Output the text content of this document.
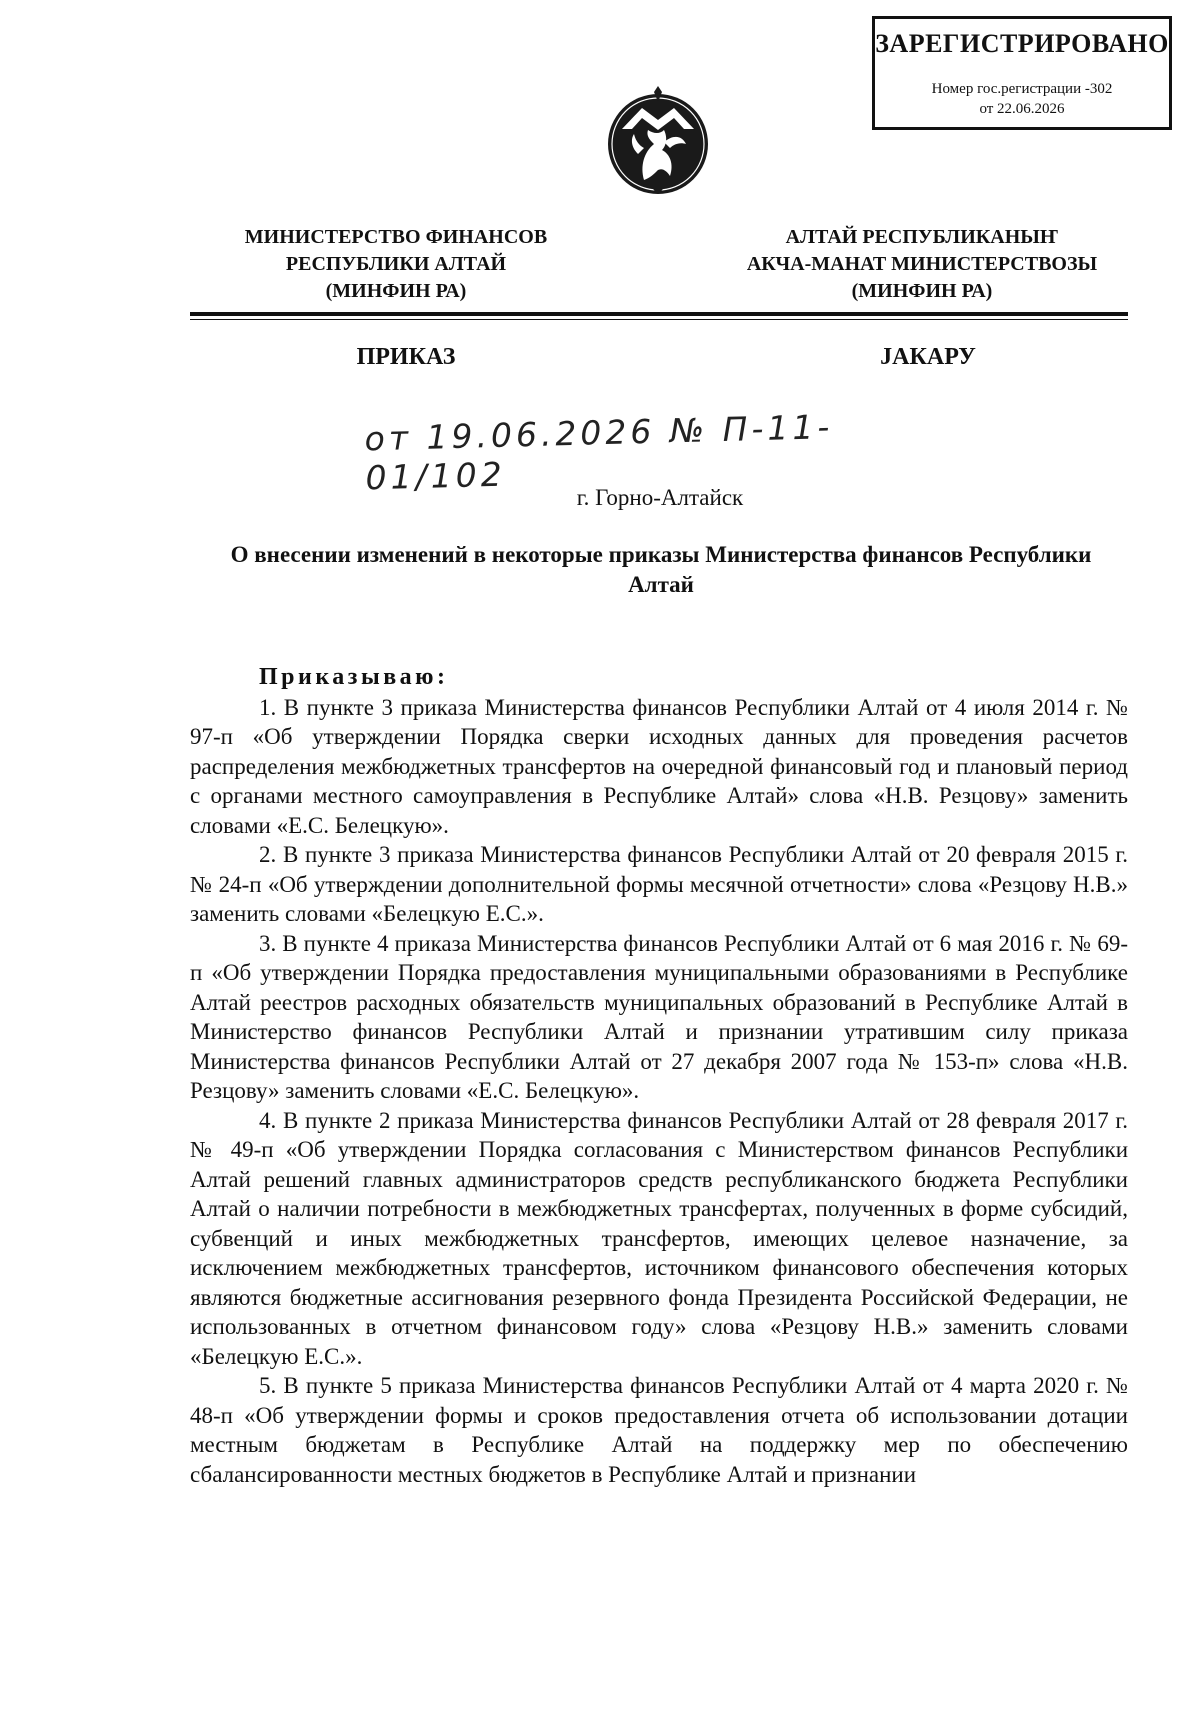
ЗАРЕГИСТРИРОВАНО
Номер гос.регистрации -302
от 22.06.2026
МИНИСТЕРСТВО ФИНАНСОВ
РЕСПУБЛИКИ АЛТАЙ
(МИНФИН РА)
АЛТАЙ РЕСПУБЛИКАНЫҤ
АКЧА-МАНАТ МИНИСТЕРСТВОЗЫ
(МИНФИН РА)
ПРИКАЗ	JАКАРУ
от 19.06.2026 № П-11-01/102
г. Горно-Алтайск
О внесении изменений в некоторые приказы Министерства финансов Республики Алтай
Приказываю:

1. В пункте 3 приказа Министерства финансов Республики Алтай от 4 июля 2014 г. № 97-п «Об утверждении Порядка сверки исходных данных для проведения расчетов распределения межбюджетных трансфертов на очередной финансовый год и плановый период с органами местного самоуправления в Республике Алтай» слова «Н.В. Резцову» заменить словами «Е.С. Белецкую».

2. В пункте 3 приказа Министерства финансов Республики Алтай от 20 февраля 2015 г. № 24-п «Об утверждении дополнительной формы месячной отчетности» слова «Резцову Н.В.» заменить словами «Белецкую Е.С.».

3. В пункте 4 приказа Министерства финансов Республики Алтай от 6 мая 2016 г. № 69-п «Об утверждении Порядка предоставления муниципальными образованиями в Республике Алтай реестров расходных обязательств муниципальных образований в Республике Алтай в Министерство финансов Республики Алтай и признании утратившим силу приказа Министерства финансов Республики Алтай от 27 декабря 2007 года № 153-п» слова «Н.В. Резцову» заменить словами «Е.С. Белецкую».

4. В пункте 2 приказа Министерства финансов Республики Алтай от 28 февраля 2017 г. № 49-п «Об утверждении Порядка согласования с Министерством финансов Республики Алтай решений главных администраторов средств республиканского бюджета Республики Алтай о наличии потребности в межбюджетных трансфертах, полученных в форме субсидий, субвенций и иных межбюджетных трансфертов, имеющих целевое назначение, за исключением межбюджетных трансфертов, источником финансового обеспечения которых являются бюджетные ассигнования резервного фонда Президента Российской Федерации, не использованных в отчетном финансовом году» слова «Резцову Н.В.» заменить словами «Белецкую Е.С.».

5. В пункте 5 приказа Министерства финансов Республики Алтай от 4 марта 2020 г. № 48-п «Об утверждении формы и сроков предоставления отчета об использовании дотации местным бюджетам в Республике Алтай на поддержку мер по обеспечению сбалансированности местных бюджетов в Республике Алтай и признании
